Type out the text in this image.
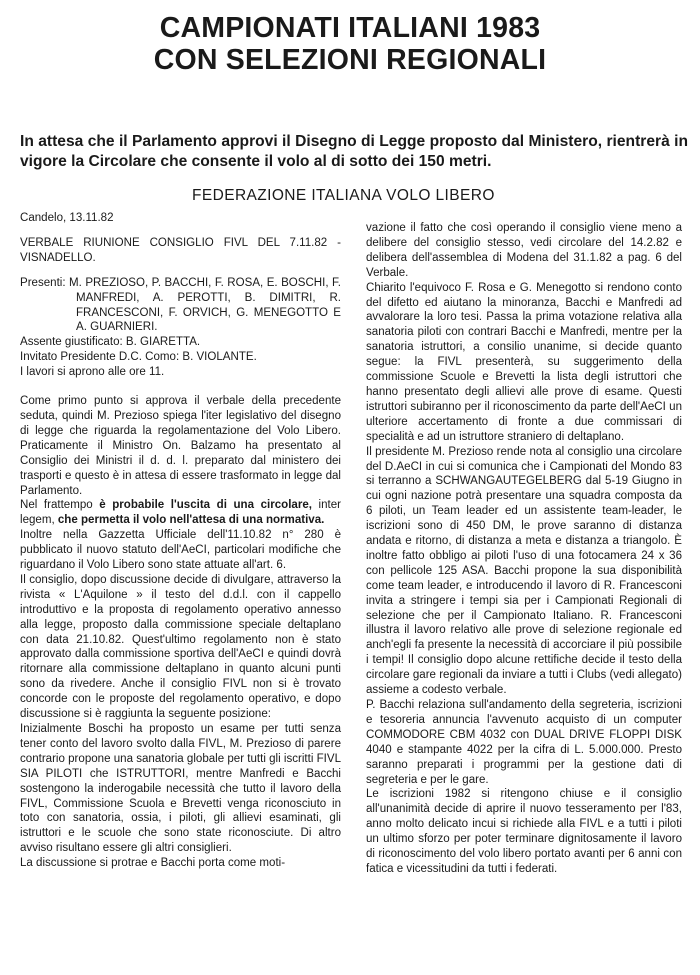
CAMPIONATI ITALIANI 1983
CON SELEZIONI REGIONALI
In attesa che il Parlamento approvi il Disegno di Legge proposto dal Ministero, rientrerà in vigore la Circolare che consente il volo al di sotto dei 150 metri.
FEDERAZIONE ITALIANA VOLO LIBERO

Candelo, 13.11.82

VERBALE RIUNIONE CONSIGLIO FIVL DEL 7.11.82 - VISNADELLO.

Presenti: M. PREZIOSO, P. BACCHI, F. ROSA, E. BOSCHI, F. MANFREDI, A. PEROTTI, B. DIMITRI, R. FRANCESCONI, F. ORVICH, G. MENEGOTTO E A. GUARNIERI.

Assente giustificato: B. GIARETTA.

Invitato Presidente D.C. Como: B. VIOLANTE.

I lavori si aprono alle ore 11.

Come primo punto si approva il verbale della precedente seduta, quindi M. Prezioso spiega l'iter legislativo del disegno di legge che riguarda la regolamentazione del Volo Libero. Praticamente il Ministro On. Balzamo ha presentato al Consiglio dei Ministri il d. d. l. preparato dal ministero dei trasporti e questo è in attesa di essere trasformato in legge dal Parlamento.

Nel frattempo è probabile l'uscita di una circolare, inter legem, che permetta il volo nell'attesa di una normativa.

Inoltre nella Gazzetta Ufficiale dell'11.10.82 n° 280 è pubblicato il nuovo statuto dell'AeCI, particolari modifiche che riguardano il Volo Libero sono state attuate all'art. 6.

Il consiglio, dopo discussione decide di divulgare, attraverso la rivista « L'Aquilone » il testo del d.d.l. con il cappello introduttivo e la proposta di regolamento operativo annesso alla legge, proposto dalla commissione speciale deltaplano con data 21.10.82. Quest'ultimo regolamento non è stato approvato dalla commissione sportiva dell'AeCI e quindi dovrà ritornare alla commissione deltaplano in quanto alcuni punti sono da rivedere. Anche il consiglio FIVL non si è trovato concorde con le proposte del regolamento operativo, e dopo discussione si è raggiunta la seguente posizione:

Inizialmente Boschi ha proposto un esame per tutti senza tener conto del lavoro svolto dalla FIVL, M. Prezioso di parere contrario propone una sanatoria globale per tutti gli iscritti FIVL SIA PILOTI che ISTRUTTORI, mentre Manfredi e Bacchi sostengono la inderogabile necessità che tutto il lavoro della FIVL, Commissione Scuola e Brevetti venga riconosciuto in toto con sanatoria, ossia, i piloti, gli allievi esaminati, gli istruttori e le scuole che sono state riconosciute. Di altro avviso risultano essere gli altri consiglieri.

La discussione si protrae e Bacchi porta come moti-

vazione il fatto che così operando il consiglio viene meno a delibere del consiglio stesso, vedi circolare del 14.2.82 e delibera dell'assemblea di Modena del 31.1.82 a pag. 6 del Verbale.

Chiarito l'equivoco F. Rosa e G. Menegotto si rendono conto del difetto ed aiutano la minoranza, Bacchi e Manfredi ad avvalorare la loro tesi. Passa la prima votazione relativa alla sanatoria piloti con contrari Bacchi e Manfredi, mentre per la sanatoria istruttori, a consilio unanime, si decide quanto segue: la FIVL presenterà, su suggerimento della commissione Scuole e Brevetti la lista degli istruttori che hanno presentato degli allievi alle prove di esame. Questi istruttori subiranno per il riconoscimento da parte dell'AeCI un ulteriore accertamento di fronte a due commissari di specialità e ad un istruttore straniero di deltaplano.

Il presidente M. Prezioso rende nota al consiglio una circolare del D.AeCI in cui si comunica che i Campionati del Mondo 83 si terranno a SCHWANGAUTEGELBERG dal 5-19 Giugno in cui ogni nazione potrà presentare una squadra composta da 6 piloti, un Team leader ed un assistente team-leader, le iscrizioni sono di 450 DM, le prove saranno di distanza andata e ritorno, di distanza a meta e distanza a triangolo. È inoltre fatto obbligo ai piloti l'uso di una fotocamera 24 x 36 con pellicole 125 ASA. Bacchi propone la sua disponibilità come team leader, e introducendo il lavoro di R. Francesconi invita a stringere i tempi sia per i Campionati Regionali di selezione che per il Campionato Italiano. R. Francesconi illustra il lavoro relativo alle prove di selezione regionale ed anch'egli fa presente la necessità di accorciare il più possibile i tempi! Il consiglio dopo alcune rettifiche decide il testo della circolare gare regionali da inviare a tutti i Clubs (vedi allegato) assieme a codesto verbale.

P. Bacchi relaziona sull'andamento della segreteria, iscrizioni e tesoreria annuncia l'avvenuto acquisto di un computer COMMODORE CBM 4032 con DUAL DRIVE FLOPPI DISK 4040 e stampante 4022 per la cifra di L. 5.000.000. Presto saranno preparati i programmi per la gestione dati di segreteria e per le gare.

Le iscrizioni 1982 si ritengono chiuse e il consiglio all'unanimità decide di aprire il nuovo tesseramento per l'83, anno molto delicato incui si richiede alla FIVL e a tutti i piloti un ultimo sforzo per poter terminare dignitosamente il lavoro di riconoscimento del volo libero portato avanti per 6 anni con fatica e vicessitudini da tutti i federati.
